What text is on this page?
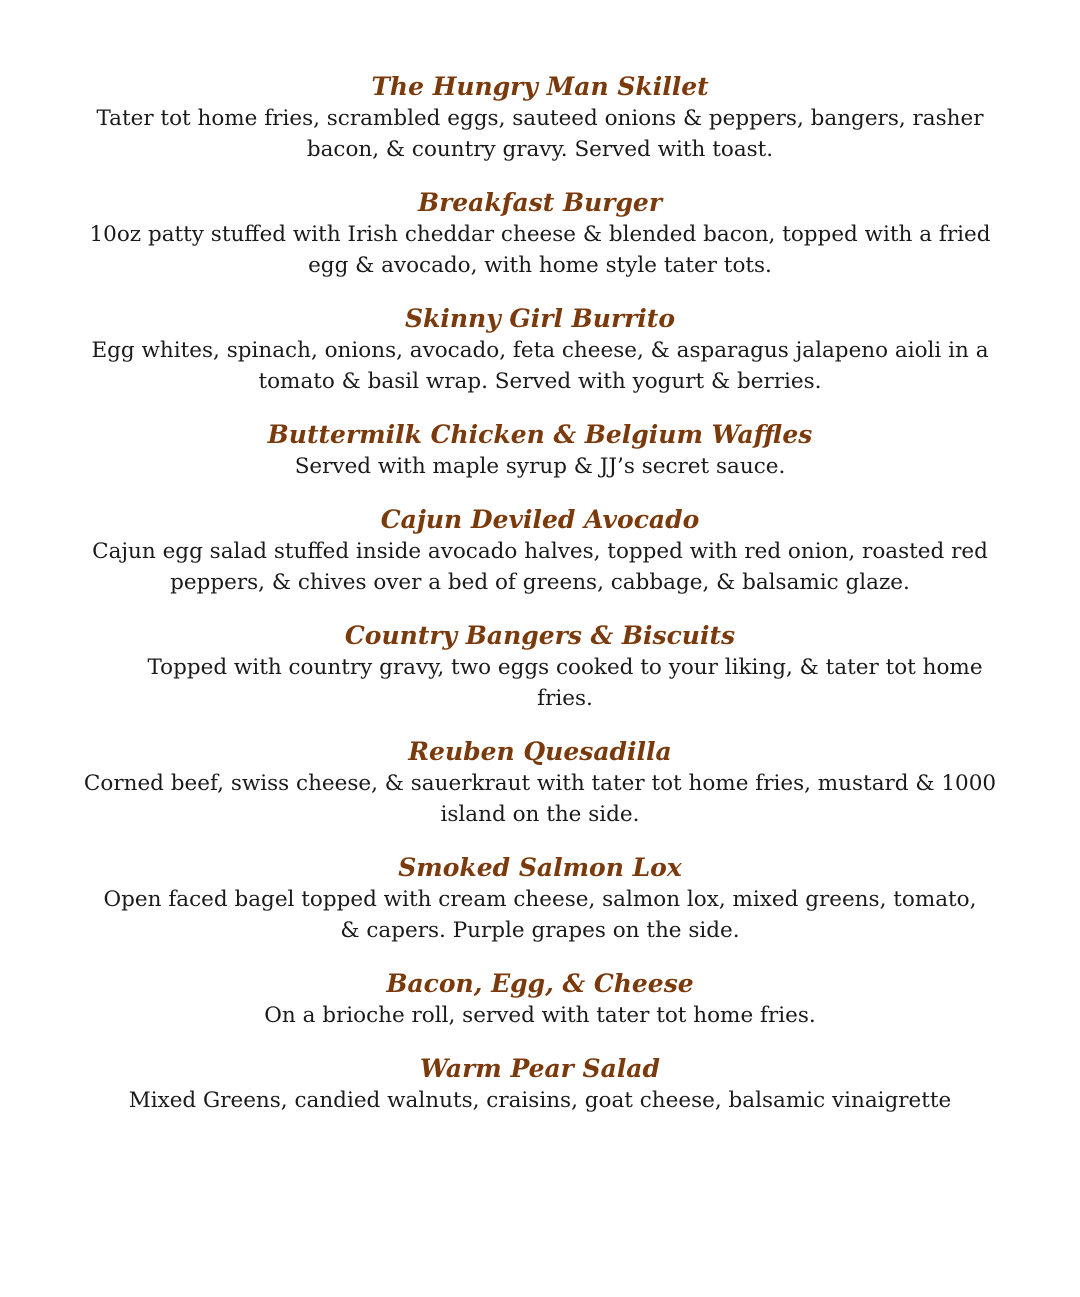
The Hungry Man Skillet

Tater tot home fries, scrambled eggs, sauteed onions & peppers, bangers, rasher bacon, & country gravy. Served with toast.

Breakfast Burger

10oz patty stuffed with Irish cheddar cheese & blended bacon, topped with a fried egg & avocado, with home style tater tots.

Skinny Girl Burrito

Egg whites, spinach, onions, avocado, feta cheese, & asparagus jalapeno aioli in a tomato & basil wrap. Served with yogurt & berries.

Buttermilk Chicken & Belgium Waffles

Served with maple syrup & JJ’s secret sauce.

Cajun Deviled Avocado

Cajun egg salad stuffed inside avocado halves, topped with red onion, roasted red peppers, & chives over a bed of greens, cabbage, & balsamic glaze.

Country Bangers & Biscuits

Topped with country gravy, two eggs cooked to your liking, & tater tot home fries.

Reuben Quesadilla

Corned beef, swiss cheese, & sauerkraut with tater tot home fries, mustard & 1000 island on the side.

Smoked Salmon Lox

Open faced bagel topped with cream cheese, salmon lox, mixed greens, tomato, & capers. Purple grapes on the side.

Bacon, Egg, & Cheese

On a brioche roll, served with tater tot home fries.

Warm Pear Salad

Mixed Greens, candied walnuts, craisins, goat cheese, balsamic vinaigrette
